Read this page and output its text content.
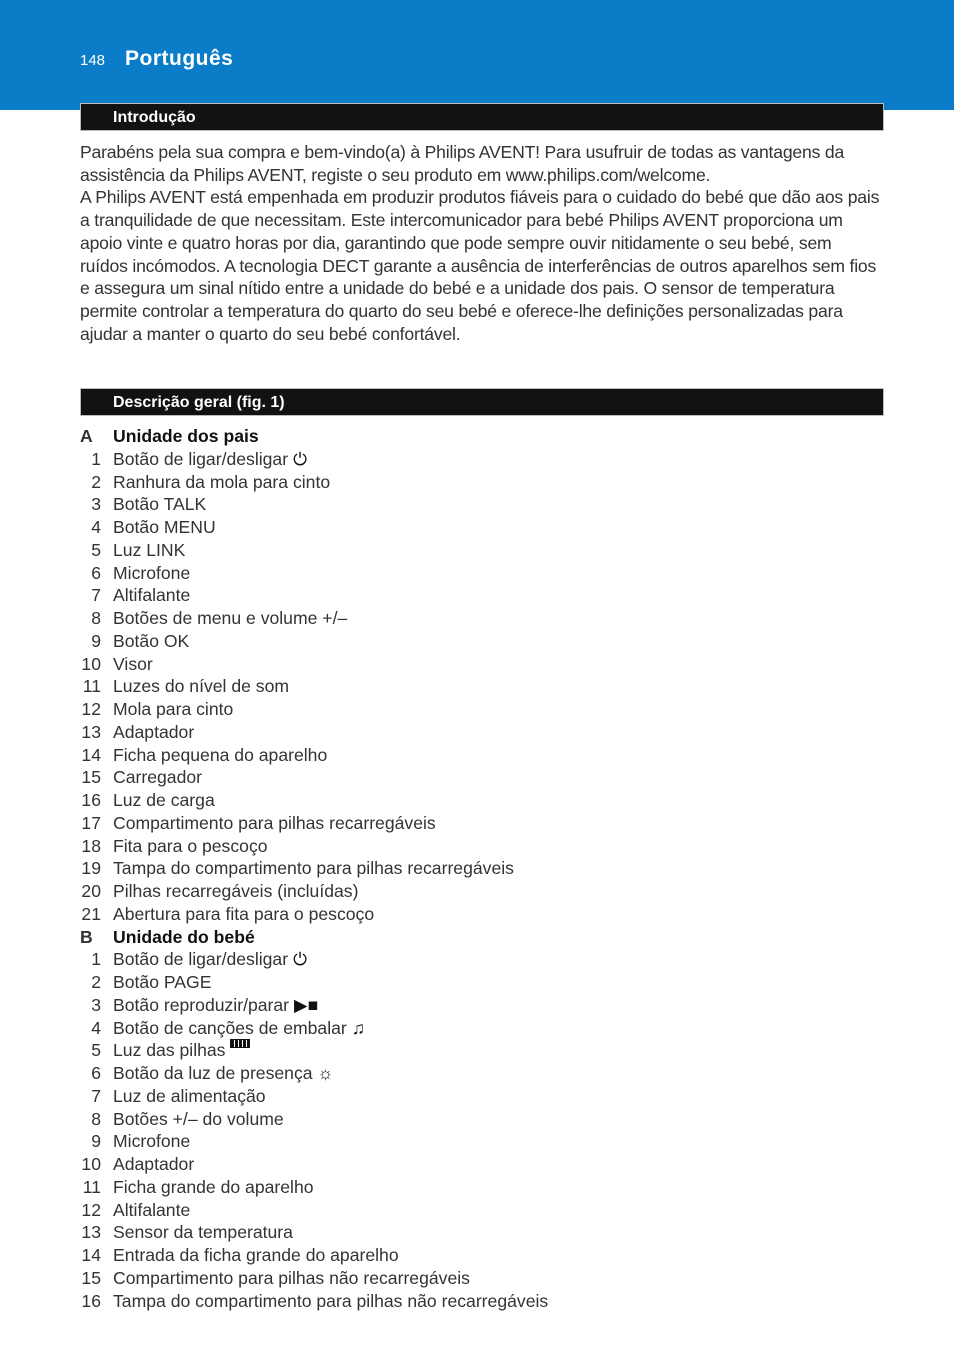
148 Português
Introdução

Parabéns pela sua compra e bem-vindo(a) à Philips AVENT! Para usufruir de todas as vantagens da assistência da Philips AVENT, registe o seu produto em www.philips.com/welcome.

A Philips AVENT está empenhada em produzir produtos fiáveis para o cuidado do bebé que dão aos pais a tranquilidade de que necessitam. Este intercomunicador para bebé Philips AVENT proporciona um apoio vinte e quatro horas por dia, garantindo que pode sempre ouvir nitidamente o seu bebé, sem ruídos incómodos. A tecnologia DECT garante a ausência de interferências de outros aparelhos sem fios e assegura um sinal nítido entre a unidade do bebé e a unidade dos pais. O sensor de temperatura permite controlar a temperatura do quarto do seu bebé e oferece-lhe definições personalizadas para ajudar a manter o quarto do seu bebé confortável.

Descrição geral (fig. 1)
A	Unidade dos pais
1 Botão de ligar/desligar ⏻
2 Ranhura da mola para cinto
3 Botão TALK
4 Botão MENU
5 Luz LINK
6 Microfone
7 Altifalante
8 Botões de menu e volume +/–
9 Botão OK
10 Visor
11 Luzes do nível de som
12 Mola para cinto
13 Adaptador
14 Ficha pequena do aparelho
15 Carregador
16 Luz de carga
17 Compartimento para pilhas recarregáveis
18 Fita para o pescoço
19 Tampa do compartimento para pilhas recarregáveis
20 Pilhas recarregáveis (incluídas)
21 Abertura para fita para o pescoço
B	Unidade do bebé
1 Botão de ligar/desligar ⏻
2 Botão PAGE
3 Botão reproduzir/parar ▶■
4 Botão de canções de embalar ♫
5 Luz das pilhas
6 Botão da luz de presença ☼
7 Luz de alimentação
8 Botões +/– do volume
9 Microfone
10 Adaptador
11 Ficha grande do aparelho
12 Altifalante
13 Sensor da temperatura
14 Entrada da ficha grande do aparelho
15 Compartimento para pilhas não recarregáveis
16 Tampa do compartimento para pilhas não recarregáveis
